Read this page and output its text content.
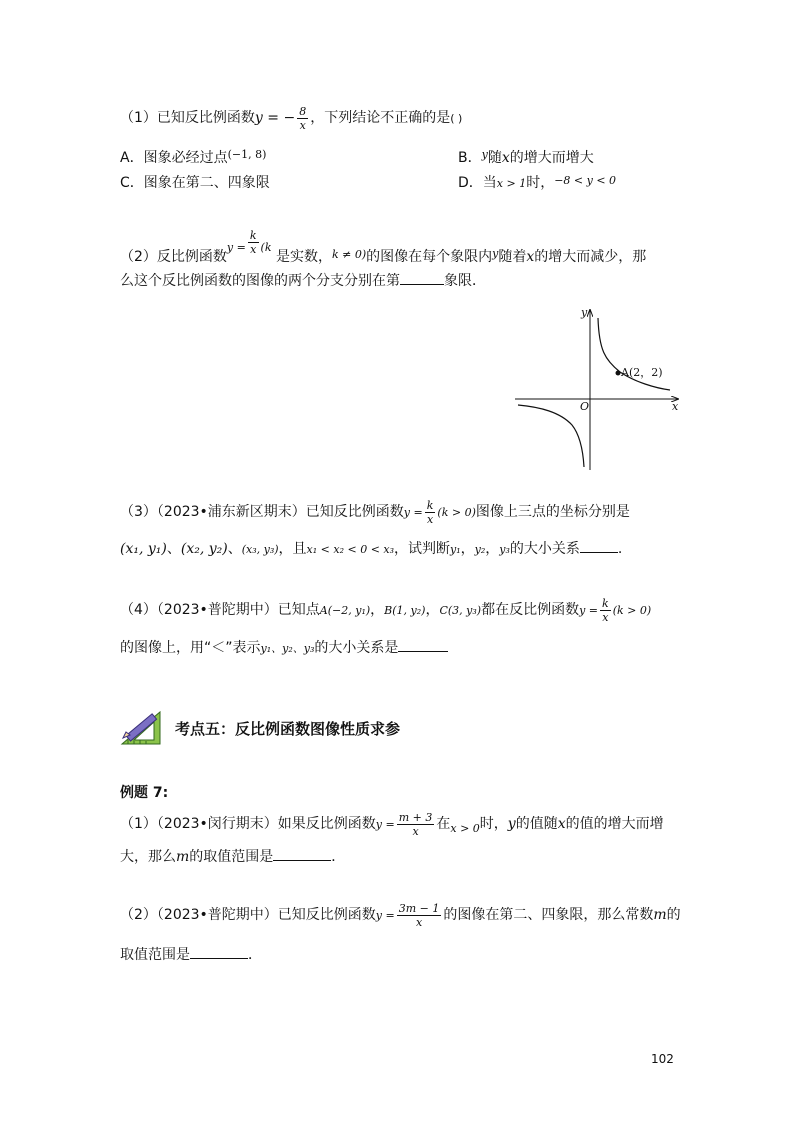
（1）已知反比例函数y = − $\frac{8}{x}$ ，下列结论不正确的是( )
A．图象必经过点$^{(-1, 8)}$	B．$^y$随x的增大而增大
C．图象在第二、四象限	D．当x > 1时，$^{-8 < y < 0}$
（2）反比例函数$^{y =} \frac{k}{x} ^{(k}$ 是实数，$^{k \ne 0)}$的图像在每个象限内$^y$随着x的增大而减少，那
么这个反比例函数的图像的两个分支分别在第	象限．
A(2，2)
y
x
O
（3）（2023•浦东新区期末）已知反比例函数$y = \frac{k}{x} (k > 0)$图像上三点的坐标分别是
(x₁, y₁)、(x₂, y₂)、(x₃, y₃)，且x₁ < x₂ < 0 < x₃，试判断y₁，y₂，y₃的大小关系	.
（4）（2023•普陀期中）已知点A(−2, y₁)，B(1, y₂)，C(3, y₃)都在反比例函数$y = \frac{k}{x} (k > 0)$
的图像上，用“＜”表示y₁、y₂、y₃的大小关系是
考点五：反比例函数图像性质求参
例题 7:
（1）（2023•闵行期末）如果反比例函数$y = \frac{m + 3}{x}$ 在$_{x > 0}$时，y的值随x的值的增大而增
大，那么m的取值范围是	．
（2）（2023•普陀期中）已知反比例函数$y = \frac{3m - 1}{x}$ 的图像在第二、四象限，那么常数m的
取值范围是	．
102
